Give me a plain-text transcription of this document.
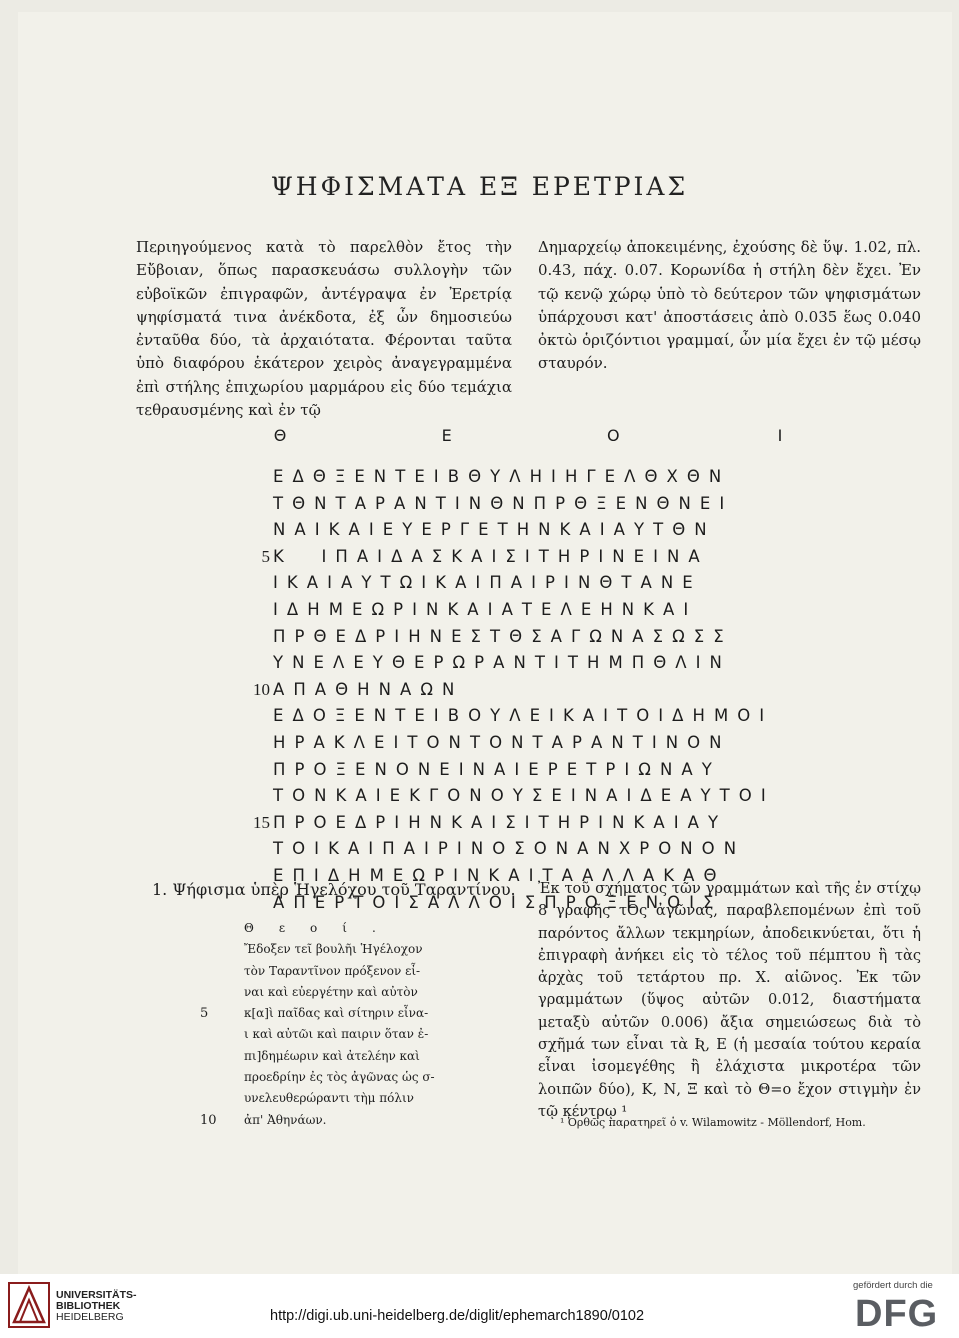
ΨΗΦΙΣΜΑΤΑ ΕΞ ΕΡΕΤΡΙΑΣ
Περιηγούμενος κατὰ τὸ παρελθὸν ἔτος τὴν Εὔβοιαν, ὅπως παρασκευάσω συλλογὴν τῶν εὐβοϊκῶν ἐπιγραφῶν, ἀντέγραψα ἐν Ἐρετρίᾳ ψηφίσματά τινα ἀνέκδοτα, ἐξ ὧν δημοσιεύω ἐνταῦθα δύο, τὰ ἀρχαιότατα. Φέρονται ταῦτα ὑπὸ διαφόρου ἑκάτερον χειρὸς ἀναγεγραμμένα ἐπὶ στήλης ἐπιχωρίου μαρμάρου εἰς δύο τεμάχια τεθραυσμένης καὶ ἐν τῷ
Δημαρχείῳ ἀποκειμένης, ἐχούσης δὲ ὕψ. 1.02, πλ. 0.43, πάχ. 0.07. Κορωνίδα ἡ στήλη δὲν ἔχει. Ἐν τῷ κενῷ χώρῳ ὑπὸ τὸ δεύτερον τῶν ψηφισμάτων ὑπάρχουσι κατ' ἀποστάσεις ἀπὸ 0.035 ἕως 0.040 ὀκτὼ ὁριζόντιοι γραμμαί, ὧν μία ἔχει ἐν τῷ μέσῳ σταυρόν.
Θ	Ε	Ο	Ι
ΕΔΘΞΕΝΤΕΙΒΘΥΛΗΙΗΓΕΛΘΧΘΝ
ΤΘΝΤΑΡΑΝΤΙΝΘΝΠΡΘΞΕΝΘΝΕΙ
ΝΑΙΚΑΙΕΥΕΡΓΕΤΗΝΚΑΙΑΥΤΘΝ
5 Κ  ΙΠΑΙΔΑΣΚΑΙΣΙΤΗΡΙΝΕΙΝΑ
ΙΚΑΙΑΥΤΩΙΚΑΙΠΑΙΡΙΝΘΤΑΝΕ
ΙΔΗΜΕΩΡΙΝΚΑΙΑΤΕΛΕΗΝΚΑΙ
ΠΡΘΕΔΡΙΗΝΕΣΤΘΣΑΓΩΝΑΣΩΣΣ
ΥΝΕΛΕΥΘΕΡΩΡΑΝΤΙΤΗΜΠΘΛΙΝ
10 ΑΠΑΘΗΝΑΩΝ
ΕΔΟΞΕΝΤΕΙΒΟΥΛΕΙΚΑΙΤΟΙΔΗΜΟΙ
ΗΡΑΚΛΕΙΤΟΝΤΟΝΤΑΡΑΝΤΙΝΟΝ
ΠΡΟΞΕΝΟΝΕΙΝΑΙΕΡΕΤΡΙΩΝΑΥ
ΤΟΝΚΑΙΕΚΓΟΝΟΥΣΕΙΝΑΙΔΕΑΥΤΟΙ
15 ΠΡΟΕΔΡΙΗΝΚΑΙΣΙΤΗΡΙΝΚΑΙΑΥ
ΤΟΙΚΑΙΠΑΙΡΙΝΟΣΟΝΑΝΧΡΟΝΟΝ
ΕΠΙΔΗΜΕΩΡΙΝΚΑΙΤΑΑΛΛΑΚΑΘ
ΑΠΕΡΤΟΙΣΑΛΛΟΙΣΠΡΟΞΕΝΟΙΣ
1. Ψήφισμα ὑπὲρ Ἡγελόχου τοῦ Ταραντίνου.
Θεοί.
Ἔδοξεν τεῖ βουλῆι Ἡγέλοχον
τὸν Ταραντῖνον πρόξενον εἶ-
ναι καὶ εὐεργέτην καὶ αὐτὸν
5	κ[α]ὶ παῖδας καὶ σίτηριν εἶνα-
ι καὶ αὐτῶι καὶ παιριν ὅταν ἐ-
πι]δημέωριν καὶ ἀτελέην καὶ
προεδρίην ἐς τὸς ἀγῶνας ὡς σ-
υνελευθερώραντι τὴμ πόλιν
10 ἀπ' Ἀθηνάων.
Ἐκ τοῦ σχήματος τῶν γραμμάτων καὶ τῆς ἐν στίχῳ 8 γραφῆς τΟς ἀγῶνας, παραβλεπομένων ἐπὶ τοῦ παρόντος ἄλλων τεκμηρίων, ἀποδεικνύεται, ὅτι ἡ ἐπιγραφὴ ἀνήκει εἰς τὸ τέλος τοῦ πέμπτου ἢ τὰς ἀρχὰς τοῦ τετάρτου πρ. Χ. αἰῶνος. Ἐκ τῶν γραμμάτων (ὕψος αὐτῶν 0.012, διαστήματα μεταξὺ αὐτῶν 0.006) ἄξια σημειώσεως διὰ τὸ σχῆμά των εἶναι τὰ Ʀ, Ε (ἡ μεσαία τούτου κεραία εἶναι ἰσομεγέθης ἢ ἐλάχιστα μικροτέρα τῶν λοιπῶν δύο), Κ, Ν, Ξ καὶ τὸ Θ=ο ἔχον στιγμὴν ἐν τῷ κέντρῳ ¹
¹ Ὀρθῶς παρατηρεῖ ὁ v. Wilamowitz - Möllendorf, Hom.
UNIVERSITÄTS-
BIBLIOTHEK
HEIDELBERG	http://digi.ub.uni-heidelberg.de/diglit/ephemarch1890/0102
gefördert durch die
DFG
